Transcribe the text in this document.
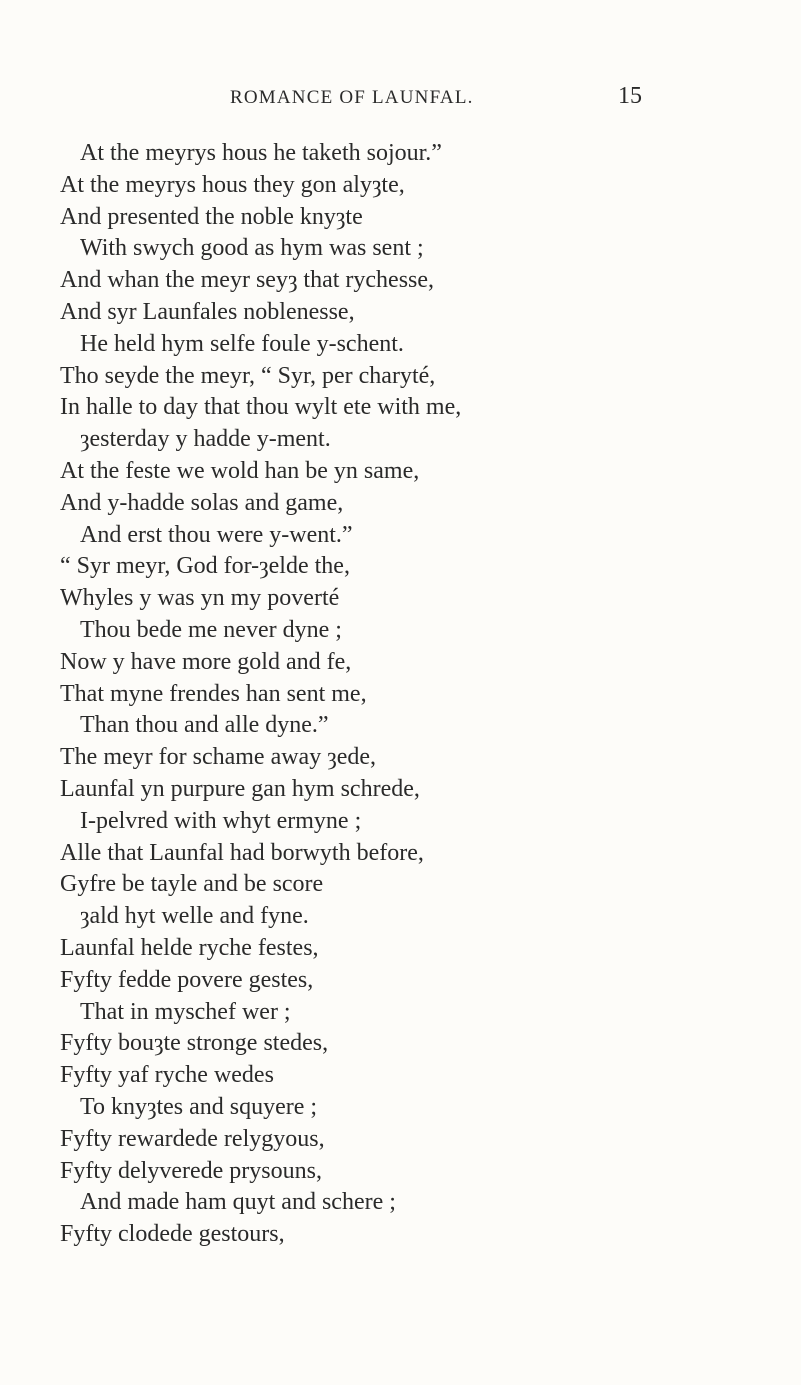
ROMANCE OF LAUNFAL.	15
At the meyrys hous he taketh sojour.”
At the meyrys hous they gon alyȝte,
And presented the noble knyȝte
With swych good as hym was sent ;
And whan the meyr seyȝ that rychesse,
And syr Launfales noblenesse,
He held hym selfe foule y-schent.
Tho seyde the meyr, “ Syr, per charyté,
In halle to day that thou wylt ete with me,
ȝesterday y hadde y-ment.
At the feste we wold han be yn same,
And y-hadde solas and game,
And erst thou were y-went.”
“ Syr meyr, God for-ȝelde the,
Whyles y was yn my poverté
Thou bede me never dyne ;
Now y have more gold and fe,
That myne frendes han sent me,
Than thou and alle dyne.”
The meyr for schame away ȝede,
Launfal yn purpure gan hym schrede,
I-pelvred with whyt ermyne ;
Alle that Launfal had borwyth before,
Gyfre be tayle and be score
ȝald hyt welle and fyne.
Launfal helde ryche festes,
Fyfty fedde povere gestes,
That in myschef wer ;
Fyfty bouȝte stronge stedes,
Fyfty yaf ryche wedes
To knyȝtes and squyere ;
Fyfty rewardede relygyous,
Fyfty delyverede prysouns,
And made ham quyt and schere ;
Fyfty clodede gestours,
